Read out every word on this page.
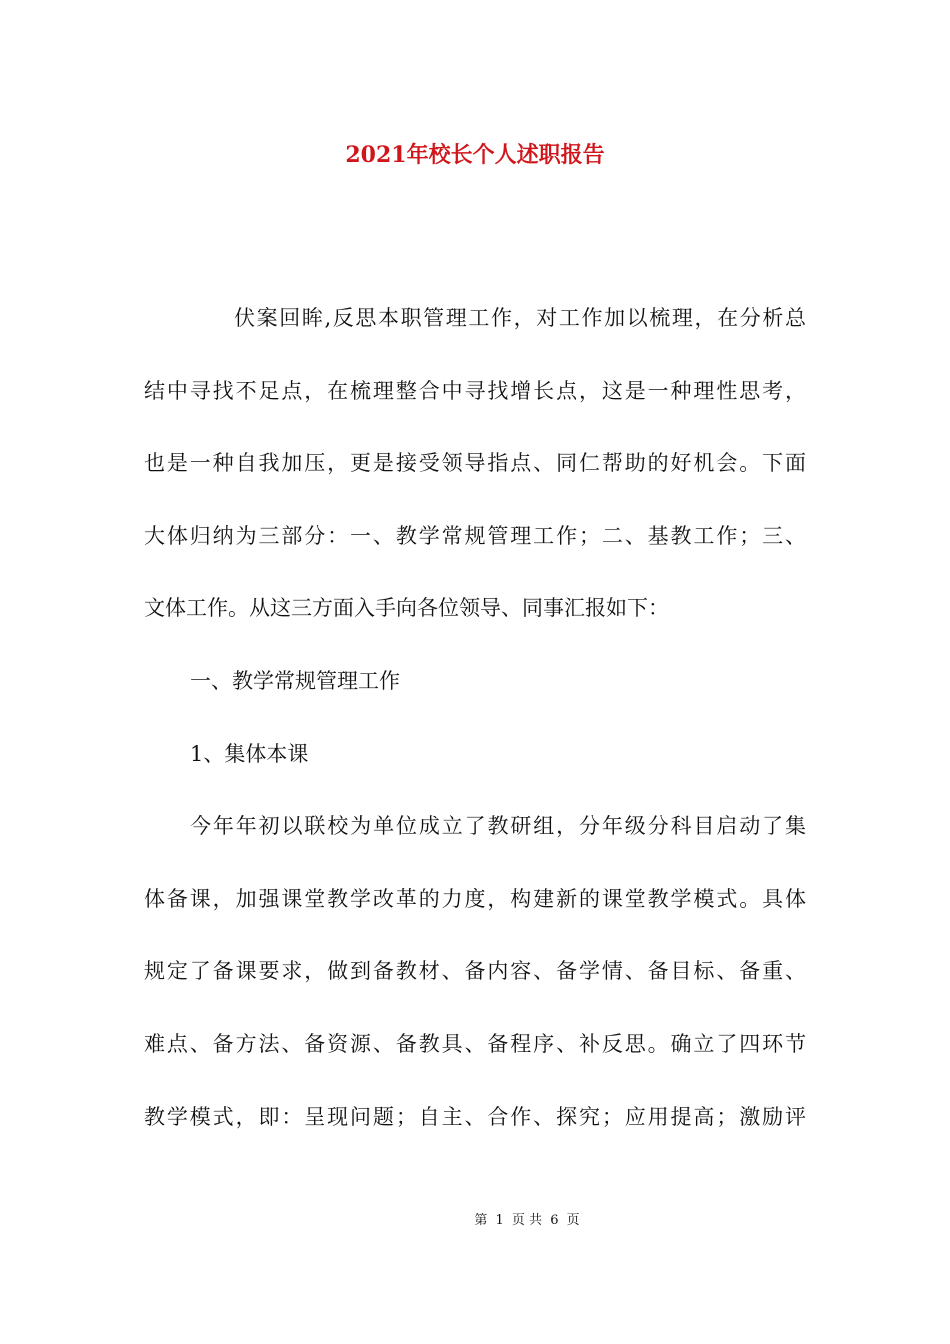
2021年校长个人述职报告
伏案回眸,反思本职管理工作，对工作加以梳理，在分析总
结中寻找不足点，在梳理整合中寻找增长点，这是一种理性思考，
也是一种自我加压，更是接受领导指点、同仁帮助的好机会。下面
大体归纳为三部分：一、教学常规管理工作；二、基教工作；三、
文体工作。从这三方面入手向各位领导、同事汇报如下：
一、教学常规管理工作
1、集体本课
今年年初以联校为单位成立了教研组，分年级分科目启动了集
体备课，加强课堂教学改革的力度，构建新的课堂教学模式。具体
规定了备课要求，做到备教材、备内容、备学情、备目标、备重、
难点、备方法、备资源、备教具、备程序、补反思。确立了四环节
教学模式，即：呈现问题；自主、合作、探究；应用提高；激励评
第 1 页 共 6 页
